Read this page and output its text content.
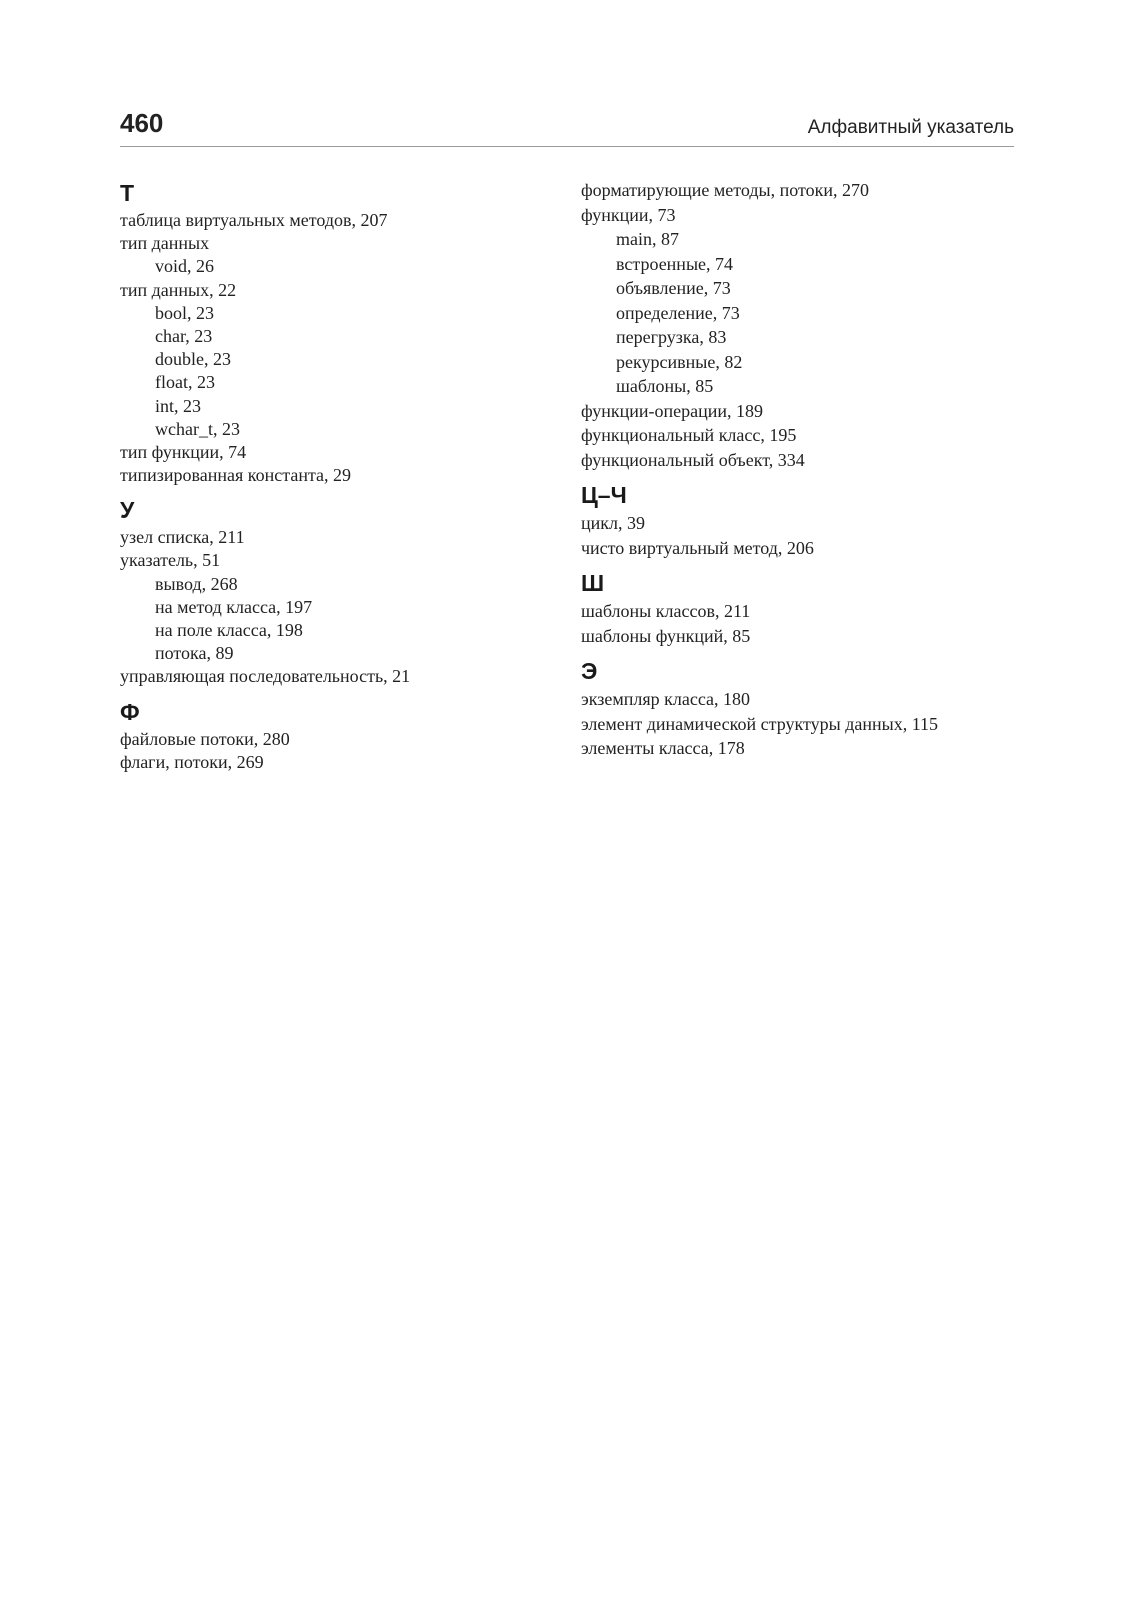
460	Алфавитный указатель

Т
таблица виртуальных методов, 207
тип данных
void, 26
тип данных, 22
bool, 23
char, 23
double, 23
float, 23
int, 23
wchar_t, 23
тип функции, 74
типизированная константа, 29
У
узел списка, 211
указатель, 51
вывод, 268
на метод класса, 197
на поле класса, 198
потока, 89
управляющая последовательность, 21
Ф
файловые потоки, 280
флаги, потоки, 269
форматирующие методы, потоки, 270
функции, 73
main, 87
встроенные, 74
объявление, 73
определение, 73
перегрузка, 83
рекурсивные, 82
шаблоны, 85
функции-операции, 189
функциональный класс, 195
функциональный объект, 334
Ц–Ч
цикл, 39
чисто виртуальный метод, 206
Ш
шаблоны классов, 211
шаблоны функций, 85
Э
экземпляр класса, 180
элемент динамической структуры данных, 115
элементы класса, 178
